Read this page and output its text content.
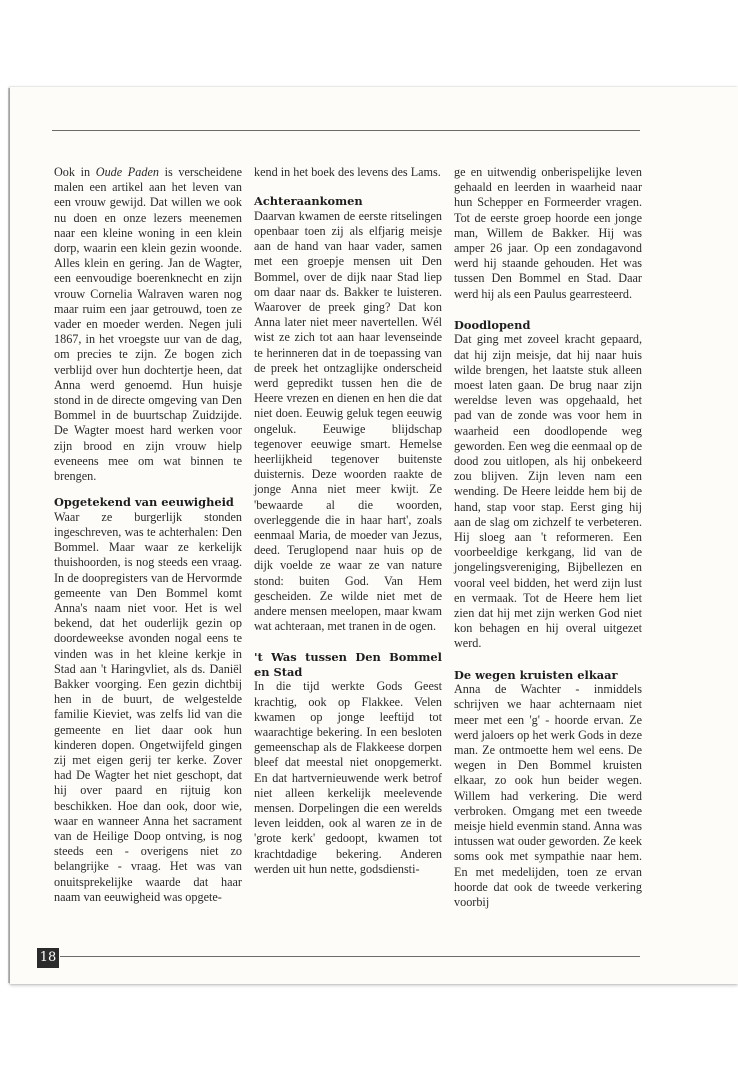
Ook in Oude Paden is verscheidene malen een artikel aan het leven van een vrouw gewijd. Dat willen we ook nu doen en onze lezers meenemen naar een kleine woning in een klein dorp, waarin een klein gezin woonde. Alles klein en gering. Jan de Wagter, een eenvoudige boerenknecht en zijn vrouw Cornelia Walraven waren nog maar ruim een jaar getrouwd, toen ze vader en moeder werden. Negen juli 1867, in het vroegste uur van de dag, om precies te zijn. Ze bogen zich verblijd over hun dochtertje heen, dat Anna werd genoemd. Hun huisje stond in de directe omgeving van Den Bommel in de buurtschap Zuidzijde. De Wagter moest hard werken voor zijn brood en zijn vrouw hielp eveneens mee om wat binnen te brengen.

Opgetekend van eeuwigheid

Waar ze burgerlijk stonden ingeschreven, was te achterhalen: Den Bommel. Maar waar ze kerkelijk thuishoorden, is nog steeds een vraag. In de doopregisters van de Hervormde gemeente van Den Bommel komt Anna's naam niet voor. Het is wel bekend, dat het ouderlijk gezin op doordeweekse avonden nogal eens te vinden was in het kleine kerkje in Stad aan 't Haringvliet, als ds. Daniël Bakker voorging. Een gezin dichtbij hen in de buurt, de welgestelde familie Kieviet, was zelfs lid van die gemeente en liet daar ook hun kinderen dopen. Ongetwijfeld gingen zij met eigen gerij ter kerke. Zover had De Wagter het niet geschopt, dat hij over paard en rijtuig kon beschikken. Hoe dan ook, door wie, waar en wanneer Anna het sacrament van de Heilige Doop ontving, is nog steeds een - overigens niet zo belangrijke - vraag. Het was van onuitsprekelijke waarde dat haar naam van eeuwigheid was opgete-

kend in het boek des levens des Lams.

Achteraankomen

Daarvan kwamen de eerste ritselingen openbaar toen zij als elfjarig meisje aan de hand van haar vader, samen met een groepje mensen uit Den Bommel, over de dijk naar Stad liep om daar naar ds. Bakker te luisteren. Waarover de preek ging? Dat kon Anna later niet meer navertellen. Wél wist ze zich tot aan haar levenseinde te herinneren dat in de toepassing van de preek het ontzaglijke onderscheid werd gepredikt tussen hen die de Heere vrezen en dienen en hen die dat niet doen. Eeuwig geluk tegen eeuwig ongeluk. Eeuwige blijdschap tegenover eeuwige smart. Hemelse heerlijkheid tegenover buitenste duisternis. Deze woorden raakte de jonge Anna niet meer kwijt. Ze 'bewaarde al die woorden, overleggende die in haar hart', zoals eenmaal Maria, de moeder van Jezus, deed. Teruglopend naar huis op de dijk voelde ze waar ze van nature stond: buiten God. Van Hem gescheiden. Ze wilde niet met de andere mensen meelopen, maar kwam wat achteraan, met tranen in de ogen.

't Was tussen Den Bommel en Stad

In die tijd werkte Gods Geest krachtig, ook op Flakkee. Velen kwamen op jonge leeftijd tot waarachtige bekering. In een besloten gemeenschap als de Flakkeese dorpen bleef dat meestal niet onopgemerkt. En dat hartvernieuwende werk betrof niet alleen kerkelijk meelevende mensen. Dorpelingen die een werelds leven leidden, ook al waren ze in de 'grote kerk' gedoopt, kwamen tot krachtdadige bekering. Anderen werden uit hun nette, godsdiensti-

ge en uitwendig onberispelijke leven gehaald en leerden in waarheid naar hun Schepper en Formeerder vragen. Tot de eerste groep hoorde een jonge man, Willem de Bakker. Hij was amper 26 jaar. Op een zondagavond werd hij staande gehouden. Het was tussen Den Bommel en Stad. Daar werd hij als een Paulus gearresteerd.

Doodlopend

Dat ging met zoveel kracht gepaard, dat hij zijn meisje, dat hij naar huis wilde brengen, het laatste stuk alleen moest laten gaan. De brug naar zijn wereldse leven was opgehaald, het pad van de zonde was voor hem in waarheid een doodlopende weg geworden. Een weg die eenmaal op de dood zou uitlopen, als hij onbekeerd zou blijven. Zijn leven nam een wending. De Heere leidde hem bij de hand, stap voor stap. Eerst ging hij aan de slag om zichzelf te verbeteren. Hij sloeg aan 't reformeren. Een voorbeeldige kerkgang, lid van de jongelingsvereniging, Bijbellezen en vooral veel bidden, het werd zijn lust en vermaak. Tot de Heere hem liet zien dat hij met zijn werken God niet kon behagen en hij overal uitgezet werd.

De wegen kruisten elkaar

Anna de Wachter - inmiddels schrijven we haar achternaam niet meer met een 'g' - hoorde ervan. Ze werd jaloers op het werk Gods in deze man. Ze ontmoette hem wel eens. De wegen in Den Bommel kruisten elkaar, zo ook hun beider wegen. Willem had verkering. Die werd verbroken. Omgang met een tweede meisje hield evenmin stand. Anna was intussen wat ouder geworden. Ze keek soms ook met sympathie naar hem. En met medelijden, toen ze ervan hoorde dat ook de tweede verkering voorbij

18
